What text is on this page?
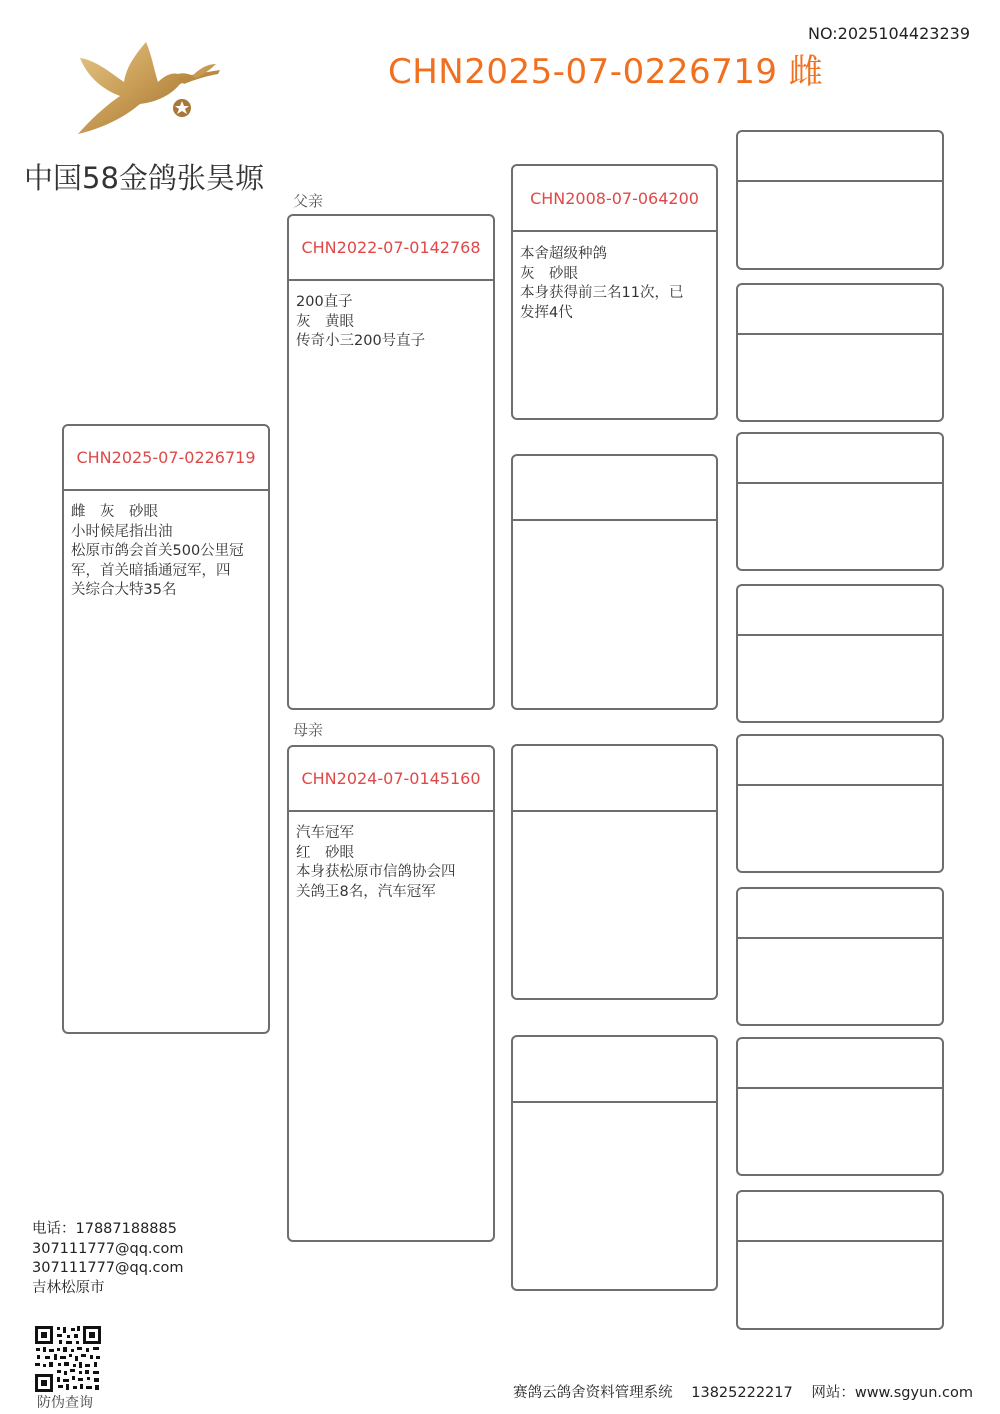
NO:2025104423239
CHN2025-07-0226719 雌
中国58金鸽张昊塬
父亲
母亲
CHN2025-07-0226719
雌　灰　砂眼
小时候尾指出油
松原市鸽会首关500公里冠
军，首关暗插通冠军，四
关综合大特35名
CHN2022-07-0142768
200直子
灰　黄眼
传奇小三200号直子
CHN2024-07-0145160
汽车冠军
红　砂眼
本身获松原市信鸽协会四
关鸽王8名，汽车冠军
CHN2008-07-064200
本舍超级种鸽
灰　砂眼
本身获得前三名11次，已
发挥4代
电话：17887188885
307111777@qq.com
307111777@qq.com
吉林松原市
防伪查询
赛鸽云鸽舍资料管理系统 13825222217 网站：www.sgyun.com
